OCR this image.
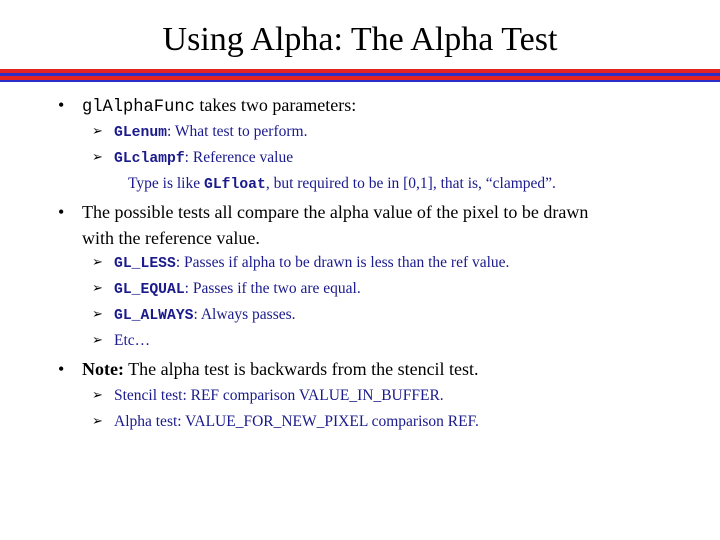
Using Alpha: The Alpha Test
• glAlphaFunc takes two parameters:
➢ GLenum: What test to perform.
➢ GLclampf: Reference value
Type is like GLfloat, but required to be in [0,1], that is, “clamped”.
• The possible tests all compare the alpha value of the pixel to be drawn
with the reference value.
➢ GL_LESS: Passes if alpha to be drawn is less than the ref value.
➢ GL_EQUAL: Passes if the two are equal.
➢ GL_ALWAYS: Always passes.
➢ Etc…
• Note: The alpha test is backwards from the stencil test.
➢ Stencil test: REF comparison VALUE_IN_BUFFER.
➢ Alpha test: VALUE_FOR_NEW_PIXEL comparison REF.
